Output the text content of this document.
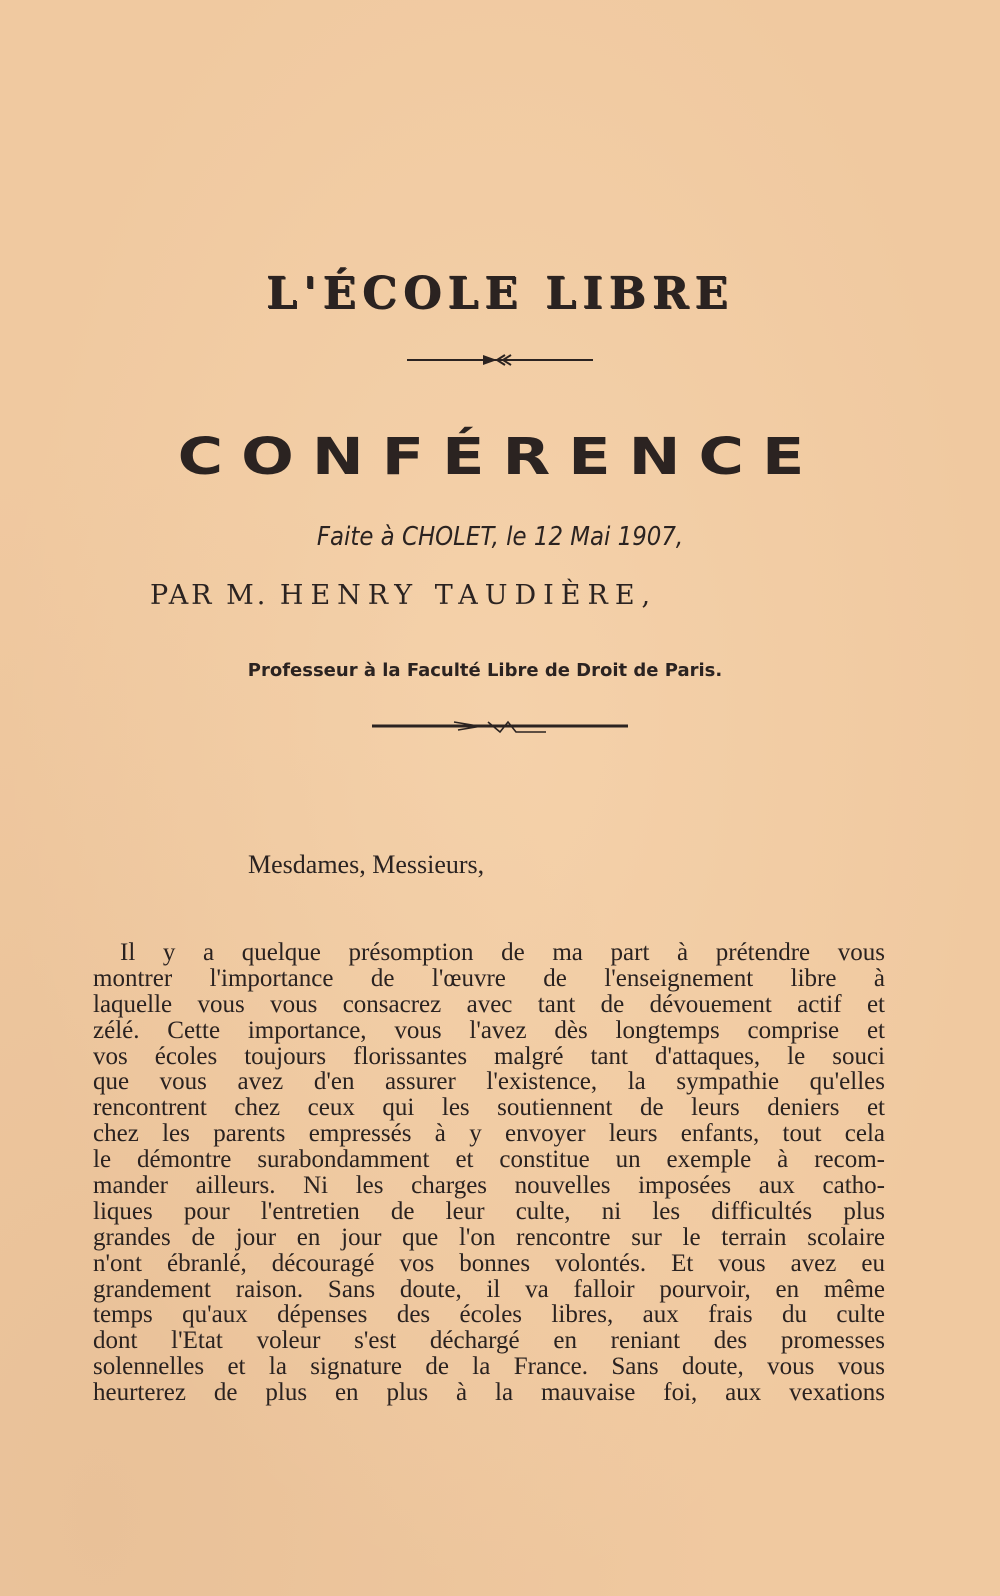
L'ÉCOLE LIBRE
CONFÉRENCE
Faite à CHOLET, le 12 Mai 1907,
PAR M. HENRY TAUDIÈRE,
Professeur à la Faculté Libre de Droit de Paris.
Mesdames, Messieurs,
Il y a quelque présomption de ma part à prétendre vous
montrer l'importance de l'œuvre de l'enseignement libre à
laquelle vous vous consacrez avec tant de dévouement actif et
zélé. Cette importance, vous l'avez dès longtemps comprise et
vos écoles toujours florissantes malgré tant d'attaques, le souci
que vous avez d'en assurer l'existence, la sympathie qu'elles
rencontrent chez ceux qui les soutiennent de leurs deniers et
chez les parents empressés à y envoyer leurs enfants, tout cela
le démontre surabondamment et constitue un exemple à recom-
mander ailleurs. Ni les charges nouvelles imposées aux catho-
liques pour l'entretien de leur culte, ni les difficultés plus
grandes de jour en jour que l'on rencontre sur le terrain scolaire
n'ont ébranlé, découragé vos bonnes volontés. Et vous avez eu
grandement raison. Sans doute, il va falloir pourvoir, en même
temps qu'aux dépenses des écoles libres, aux frais du culte
dont l'Etat voleur s'est déchargé en reniant des promesses
solennelles et la signature de la France. Sans doute, vous vous
heurterez de plus en plus à la mauvaise foi, aux vexations
